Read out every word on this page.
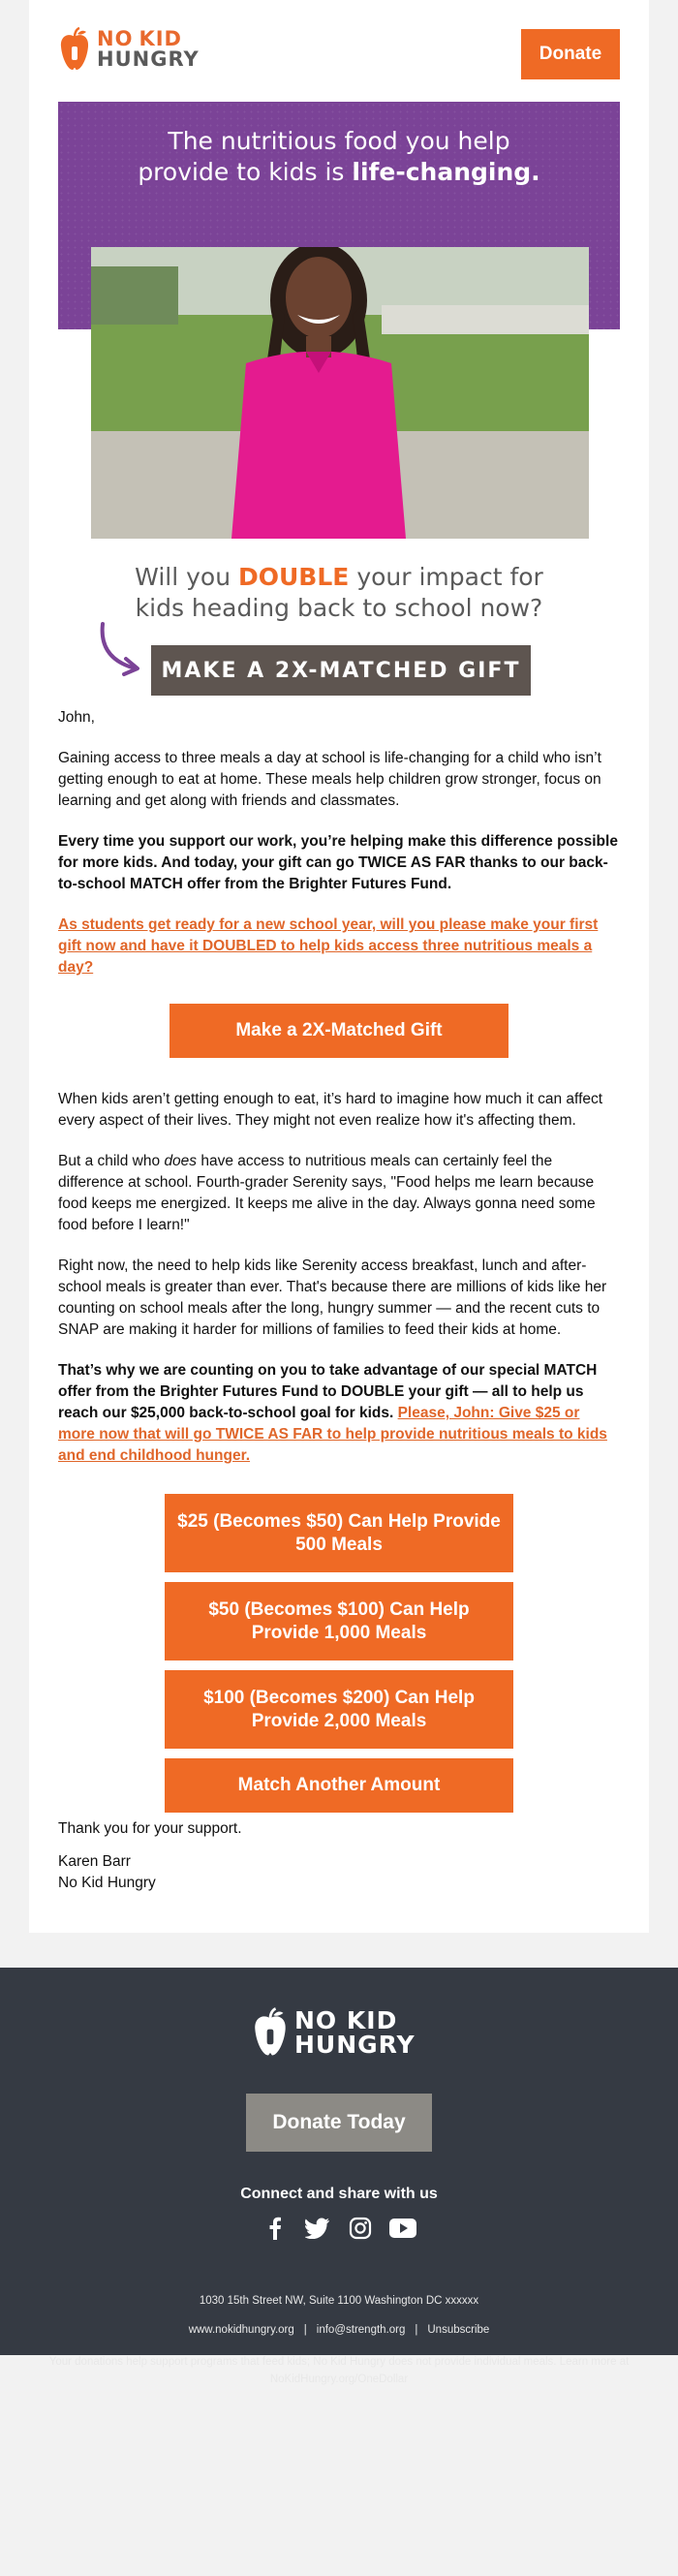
NO KID
HUNGRY	Donate
The nutritious food you help
provide to kids is life-changing.
Will you DOUBLE your impact for
kids heading back to school now?
MAKE A 2X-MATCHED GIFT

John,

Gaining access to three meals a day at school is life-changing for a child who isn’t getting enough to eat at home. These meals help children grow stronger, focus on learning and get along with friends and classmates.

Every time you support our work, you’re helping make this difference possible for more kids. And today, your gift can go TWICE AS FAR thanks to our back-to-school MATCH offer from the Brighter Futures Fund.

As students get ready for a new school year, will you please make your first gift now and have it DOUBLED to help kids access three nutritious meals a day?

Make a 2X-Matched Gift

When kids aren’t getting enough to eat, it’s hard to imagine how much it can affect every aspect of their lives. They might not even realize how it's affecting them.

But a child who does have access to nutritious meals can certainly feel the difference at school. Fourth-grader Serenity says, "Food helps me learn because food keeps me energized. It keeps me alive in the day. Always gonna need some food before I learn!"

Right now, the need to help kids like Serenity access breakfast, lunch and after-school meals is greater than ever. That's because there are millions of kids like her counting on school meals after the long, hungry summer — and the recent cuts to SNAP are making it harder for millions of families to feed their kids at home.

That’s why we are counting on you to take advantage of our special MATCH offer from the Brighter Futures Fund to DOUBLE your gift — all to help us reach our $25,000 back-to-school goal for kids. Please, John: Give $25 or more now that will go TWICE AS FAR to help provide nutritious meals to kids and end childhood hunger.

$25 (Becomes $50) Can Help Provide 500 Meals
$50 (Becomes $100) Can Help Provide 1,000 Meals
$100 (Becomes $200) Can Help Provide 2,000 Meals
Match Another Amount

Thank you for your support.

Karen Barr
No Kid Hungry
NO KID
HUNGRY
Donate Today
Connect and share with us
1030 15th Street NW, Suite 1100 Washington DC xxxxxx
www.nokidhungry.org | info@strength.org | Unsubscribe
Your donations help support programs that feed kids; No Kid Hungry does not provide individual meals. Learn more at NoKidHungry.org/OneDollar
